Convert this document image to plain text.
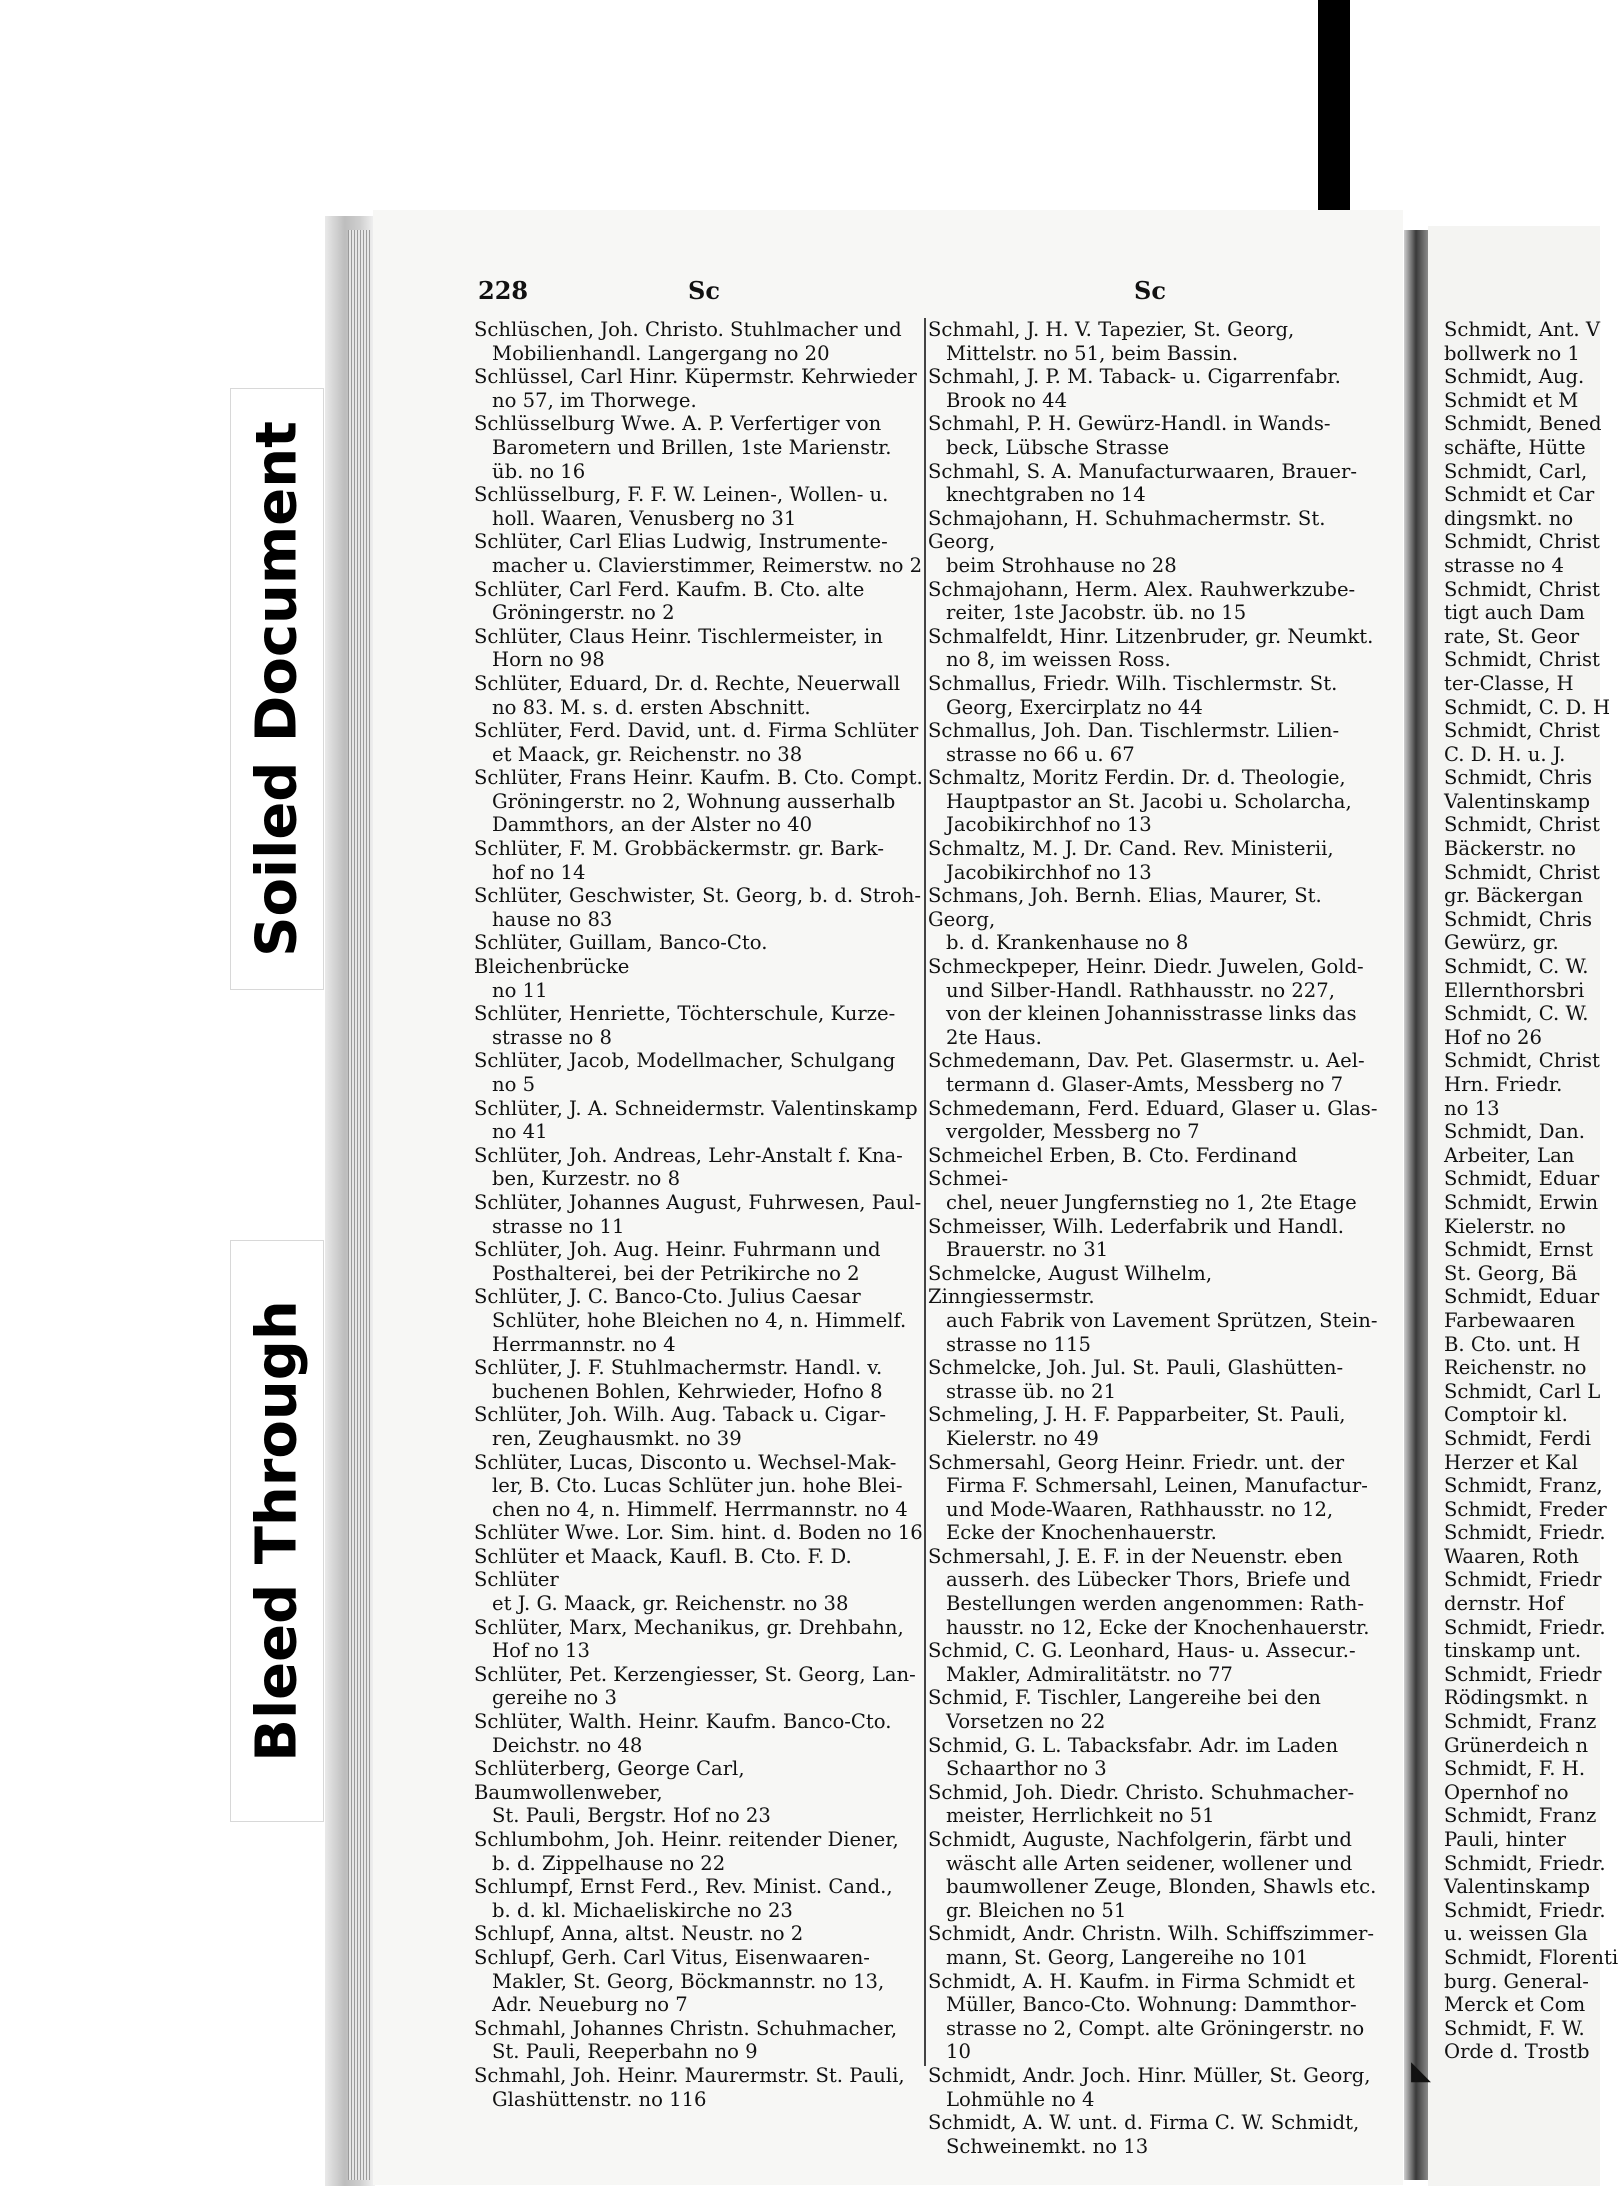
Soiled Document
Bleed Through
228	Sc	Sc
Schlüschen, Joh. Christo. Stuhlmacher und
Mobilienhandl. Langergang no 20
Schlüssel, Carl Hinr. Küpermstr. Kehrwieder
no 57, im Thorwege.
Schlüsselburg Wwe. A. P. Verfertiger von
Barometern und Brillen, 1ste Marienstr.
üb. no 16
Schlüsselburg, F. F. W. Leinen-, Wollen- u.
holl. Waaren, Venusberg no 31
Schlüter, Carl Elias Ludwig, Instrumente-
macher u. Clavierstimmer, Reimerstw. no 2
Schlüter, Carl Ferd. Kaufm. B. Cto. alte
Gröningerstr. no 2
Schlüter, Claus Heinr. Tischlermeister, in
Horn no 98
Schlüter, Eduard, Dr. d. Rechte, Neuerwall
no 83. M. s. d. ersten Abschnitt.
Schlüter, Ferd. David, unt. d. Firma Schlüter
et Maack, gr. Reichenstr. no 38
Schlüter, Frans Heinr. Kaufm. B. Cto. Compt.
Gröningerstr. no 2, Wohnung ausserhalb
Dammthors, an der Alster no 40
Schlüter, F. M. Grobbäckermstr. gr. Bark-
hof no 14
Schlüter, Geschwister, St. Georg, b. d. Stroh-
hause no 83
Schlüter, Guillam, Banco-Cto. Bleichenbrücke
no 11
Schlüter, Henriette, Töchterschule, Kurze-
strasse no 8
Schlüter, Jacob, Modellmacher, Schulgang
no 5
Schlüter, J. A. Schneidermstr. Valentinskamp
no 41
Schlüter, Joh. Andreas, Lehr-Anstalt f. Kna-
ben, Kurzestr. no 8
Schlüter, Johannes August, Fuhrwesen, Paul-
strasse no 11
Schlüter, Joh. Aug. Heinr. Fuhrmann und
Posthalterei, bei der Petrikirche no 2
Schlüter, J. C. Banco-Cto. Julius Caesar
Schlüter, hohe Bleichen no 4, n. Himmelf.
Herrmannstr. no 4
Schlüter, J. F. Stuhlmachermstr. Handl. v.
buchenen Bohlen, Kehrwieder, Hofno 8
Schlüter, Joh. Wilh. Aug. Taback u. Cigar-
ren, Zeughausmkt. no 39
Schlüter, Lucas, Disconto u. Wechsel-Mak-
ler, B. Cto. Lucas Schlüter jun. hohe Blei-
chen no 4, n. Himmelf. Herrmannstr. no 4
Schlüter Wwe. Lor. Sim. hint. d. Boden no 16
Schlüter et Maack, Kaufl. B. Cto. F. D. Schlüter
et J. G. Maack, gr. Reichenstr. no 38
Schlüter, Marx, Mechanikus, gr. Drehbahn,
Hof no 13
Schlüter, Pet. Kerzengiesser, St. Georg, Lan-
gereihe no 3
Schlüter, Walth. Heinr. Kaufm. Banco-Cto.
Deichstr. no 48
Schlüterberg, George Carl, Baumwollenweber,
St. Pauli, Bergstr. Hof no 23
Schlumbohm, Joh. Heinr. reitender Diener,
b. d. Zippelhause no 22
Schlumpf, Ernst Ferd., Rev. Minist. Cand.,
b. d. kl. Michaeliskirche no 23
Schlupf, Anna, altst. Neustr. no 2
Schlupf, Gerh. Carl Vitus, Eisenwaaren-
Makler, St. Georg, Böckmannstr. no 13,
Adr. Neueburg no 7
Schmahl, Johannes Christn. Schuhmacher,
St. Pauli, Reeperbahn no 9
Schmahl, Joh. Heinr. Maurermstr. St. Pauli,
Glashüttenstr. no 116
Schmahl, J. H. V. Tapezier, St. Georg,
Mittelstr. no 51, beim Bassin.
Schmahl, J. P. M. Taback- u. Cigarrenfabr.
Brook no 44
Schmahl, P. H. Gewürz-Handl. in Wands-
beck, Lübsche Strasse
Schmahl, S. A. Manufacturwaaren, Brauer-
knechtgraben no 14
Schmajohann, H. Schuhmachermstr. St. Georg,
beim Strohhause no 28
Schmajohann, Herm. Alex. Rauhwerkzube-
reiter, 1ste Jacobstr. üb. no 15
Schmalfeldt, Hinr. Litzenbruder, gr. Neumkt.
no 8, im weissen Ross.
Schmallus, Friedr. Wilh. Tischlermstr. St.
Georg, Exercirplatz no 44
Schmallus, Joh. Dan. Tischlermstr. Lilien-
strasse no 66 u. 67
Schmaltz, Moritz Ferdin. Dr. d. Theologie,
Hauptpastor an St. Jacobi u. Scholarcha,
Jacobikirchhof no 13
Schmaltz, M. J. Dr. Cand. Rev. Ministerii,
Jacobikirchhof no 13
Schmans, Joh. Bernh. Elias, Maurer, St. Georg,
b. d. Krankenhause no 8
Schmeckpeper, Heinr. Diedr. Juwelen, Gold-
und Silber-Handl. Rathhausstr. no 227,
von der kleinen Johannisstrasse links das
2te Haus.
Schmedemann, Dav. Pet. Glasermstr. u. Ael-
termann d. Glaser-Amts, Messberg no 7
Schmedemann, Ferd. Eduard, Glaser u. Glas-
vergolder, Messberg no 7
Schmeichel Erben, B. Cto. Ferdinand Schmei-
chel, neuer Jungfernstieg no 1, 2te Etage
Schmeisser, Wilh. Lederfabrik und Handl.
Brauerstr. no 31
Schmelcke, August Wilhelm, Zinngiessermstr.
auch Fabrik von Lavement Sprützen, Stein-
strasse no 115
Schmelcke, Joh. Jul. St. Pauli, Glashütten-
strasse üb. no 21
Schmeling, J. H. F. Papparbeiter, St. Pauli,
Kielerstr. no 49
Schmersahl, Georg Heinr. Friedr. unt. der
Firma F. Schmersahl, Leinen, Manufactur-
und Mode-Waaren, Rathhausstr. no 12,
Ecke der Knochenhauerstr.
Schmersahl, J. E. F. in der Neuenstr. eben
ausserh. des Lübecker Thors, Briefe und
Bestellungen werden angenommen: Rath-
hausstr. no 12, Ecke der Knochenhauerstr.
Schmid, C. G. Leonhard, Haus- u. Assecur.-
Makler, Admiralitätstr. no 77
Schmid, F. Tischler, Langereihe bei den
Vorsetzen no 22
Schmid, G. L. Tabacksfabr. Adr. im Laden
Schaarthor no 3
Schmid, Joh. Diedr. Christo. Schuhmacher-
meister, Herrlichkeit no 51
Schmidt, Auguste, Nachfolgerin, färbt und
wäscht alle Arten seidener, wollener und
baumwollener Zeuge, Blonden, Shawls etc.
gr. Bleichen no 51
Schmidt, Andr. Christn. Wilh. Schiffszimmer-
mann, St. Georg, Langereihe no 101
Schmidt, A. H. Kaufm. in Firma Schmidt et
Müller, Banco-Cto. Wohnung: Dammthor-
strasse no 2, Compt. alte Gröningerstr. no 10
Schmidt, Andr. Joch. Hinr. Müller, St. Georg,
Lohmühle no 4
Schmidt, A. W. unt. d. Firma C. W. Schmidt,
Schweinemkt. no 13
Schmidt, Ant. V
bollwerk no 1
Schmidt, Aug.
Schmidt et M
Schmidt, Bened
schäfte, Hütte
Schmidt, Carl,
Schmidt et Car
dingsmkt. no
Schmidt, Christ
strasse no 4
Schmidt, Christ
tigt auch Dam
rate, St. Geor
Schmidt, Christ
ter-Classe, H
Schmidt, C. D. H
Schmidt, Christ
C. D. H. u. J.
Schmidt, Chris
Valentinskamp
Schmidt, Christ
Bäckerstr. no
Schmidt, Christ
gr. Bäckergan
Schmidt, Chris
Gewürz, gr.
Schmidt, C. W.
Ellernthorsbri
Schmidt, C. W.
Hof no 26
Schmidt, Christ
Hrn. Friedr.
no 13
Schmidt, Dan.
Arbeiter, Lan
Schmidt, Eduar
Schmidt, Erwin
Kielerstr. no
Schmidt, Ernst
St. Georg, Bä
Schmidt, Eduar
Farbewaaren
B. Cto. unt. H
Reichenstr. no
Schmidt, Carl L
Comptoir kl.
Schmidt, Ferdi
Herzer et Kal
Schmidt, Franz,
Schmidt, Freder
Schmidt, Friedr.
Waaren, Roth
Schmidt, Friedr
dernstr. Hof
Schmidt, Friedr.
tinskamp unt.
Schmidt, Friedr
Rödingsmkt. n
Schmidt, Franz
Grünerdeich n
Schmidt, F. H.
Opernhof no
Schmidt, Franz
Pauli, hinter
Schmidt, Friedr.
Valentinskamp
Schmidt, Friedr.
u. weissen Gla
Schmidt, Florenti
burg. General-
Merck et Com
Schmidt, F. W.
Orde d. Trostb
◣
